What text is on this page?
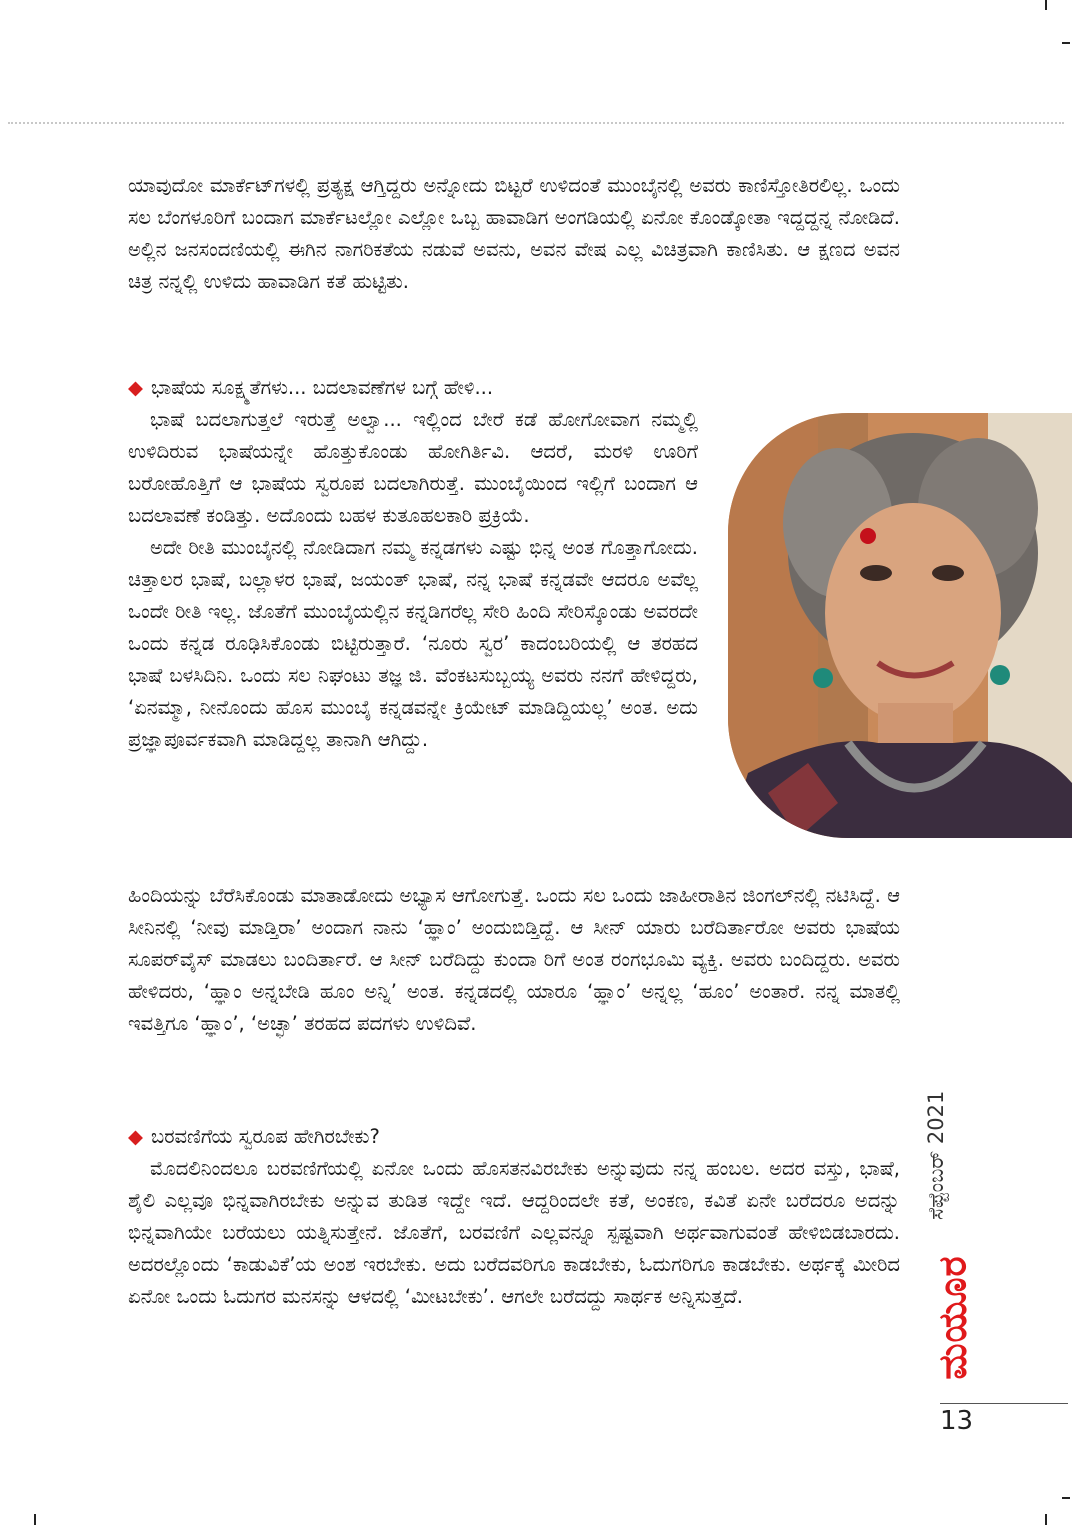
ಯಾವುದೋ ಮಾರ್ಕೆಟ್‌ಗಳಲ್ಲಿ ಪ್ರತ್ಯಕ್ಷ ಆಗ್ತಿದ್ದರು ಅನ್ನೋದು ಬಿಟ್ಟರೆ ಉಳಿದಂತೆ ಮುಂಬೈನಲ್ಲಿ ಅವರು ಕಾಣಿಸ್ತೋತಿರಲಿಲ್ಲ. ಒಂದು ಸಲ ಬೆಂಗಳೂರಿಗೆ ಬಂದಾಗ ಮಾರ್ಕೆಟಲ್ಲೋ ಎಲ್ಲೋ ಒಬ್ಬ ಹಾವಾಡಿಗ ಅಂಗಡಿಯಲ್ಲಿ ಏನೋ ಕೊಂಡ್ಕೋತಾ ಇದ್ದದ್ದನ್ನ ನೋಡಿದೆ. ಅಲ್ಲಿನ ಜನಸಂದಣಿಯಲ್ಲಿ ಈಗಿನ ನಾಗರಿಕತೆಯ ನಡುವೆ ಅವನು, ಅವನ ವೇಷ ಎಲ್ಲ ವಿಚಿತ್ರವಾಗಿ ಕಾಣಿಸಿತು. ಆ ಕ್ಷಣದ ಅವನ ಚಿತ್ರ ನನ್ನಲ್ಲಿ ಉಳಿದು ಹಾವಾಡಿಗ ಕತೆ ಹುಟ್ಟಿತು.

◆ ಭಾಷೆಯ ಸೂಕ್ಷ್ಮತೆಗಳು... ಬದಲಾವಣೆಗಳ ಬಗ್ಗೆ ಹೇಳಿ...

ಭಾಷೆ ಬದಲಾಗುತ್ತಲೆ ಇರುತ್ತೆ ಅಲ್ವಾ... ಇಲ್ಲಿಂದ ಬೇರೆ ಕಡೆ ಹೋಗೋವಾಗ ನಮ್ಮಲ್ಲಿ ಉಳಿದಿರುವ ಭಾಷೆಯನ್ನೇ ಹೊತ್ತುಕೊಂಡು ಹೋಗಿರ್ತಿವಿ. ಆದರೆ, ಮರಳಿ ಊರಿಗೆ ಬರೋಹೊತ್ತಿಗೆ ಆ ಭಾಷೆಯ ಸ್ವರೂಪ ಬದಲಾಗಿರುತ್ತೆ. ಮುಂಬೈಯಿಂದ ಇಲ್ಲಿಗೆ ಬಂದಾಗ ಆ ಬದಲಾವಣೆ ಕಂಡಿತ್ತು. ಅದೊಂದು ಬಹಳ ಕುತೂಹಲಕಾರಿ ಪ್ರಕ್ರಿಯೆ.

ಅದೇ ರೀತಿ ಮುಂಬೈನಲ್ಲಿ ನೋಡಿದಾಗ ನಮ್ಮ ಕನ್ನಡಗಳು ಎಷ್ಟು ಭಿನ್ನ ಅಂತ ಗೊತ್ತಾಗೋದು. ಚಿತ್ತಾಲರ ಭಾಷೆ, ಬಲ್ಲಾಳರ ಭಾಷೆ, ಜಯಂತ್ ಭಾಷೆ, ನನ್ನ ಭಾಷೆ ಕನ್ನಡವೇ ಆದರೂ ಅವೆಲ್ಲ ಒಂದೇ ರೀತಿ ಇಲ್ಲ. ಜೊತೆಗೆ ಮುಂಬೈಯಲ್ಲಿನ ಕನ್ನಡಿಗರೆಲ್ಲ ಸೇರಿ ಹಿಂದಿ ಸೇರಿಸ್ಕೊಂಡು ಅವರದೇ ಒಂದು ಕನ್ನಡ ರೂಢಿಸಿಕೊಂಡು ಬಿಟ್ಟಿರುತ್ತಾರೆ. ‘ನೂರು ಸ್ವರ’ ಕಾದಂಬರಿಯಲ್ಲಿ ಆ ತರಹದ ಭಾಷೆ ಬಳಸಿದಿನಿ. ಒಂದು ಸಲ ನಿಘಂಟು ತಜ್ಞ ಜಿ. ವೆಂಕಟಸುಬ್ಬಯ್ಯ ಅವರು ನನಗೆ ಹೇಳಿದ್ದರು, ‘ಏನಮ್ಮಾ, ನೀನೊಂದು ಹೊಸ ಮುಂಬೈ ಕನ್ನಡವನ್ನೇ ಕ್ರಿಯೇಟ್ ಮಾಡಿದ್ದಿಯಲ್ಲ’ ಅಂತ. ಅದು ಪ್ರಜ್ಞಾಪೂರ್ವಕವಾಗಿ ಮಾಡಿದ್ದಲ್ಲ ತಾನಾಗಿ ಆಗಿದ್ದು.

ಹಿಂದಿಯನ್ನು ಬೆರೆಸಿಕೊಂಡು ಮಾತಾಡೋದು ಅಭ್ಯಾಸ ಆಗೋಗುತ್ತೆ. ಒಂದು ಸಲ ಒಂದು ಜಾಹೀರಾತಿನ ಜಿಂಗಲ್‌ನಲ್ಲಿ ನಟಿಸಿದ್ದೆ. ಆ ಸೀನಿನಲ್ಲಿ ‘ನೀವು ಮಾಡ್ತಿರಾ’ ಅಂದಾಗ ನಾನು ‘ಹ್ಞಾಂ’ ಅಂದುಬಿಡ್ತಿದ್ದೆ. ಆ ಸೀನ್ ಯಾರು ಬರೆದಿರ್ತಾರೋ ಅವರು ಭಾಷೆಯ ಸೂಪರ್‌ವೈಸ್ ಮಾಡಲು ಬಂದಿರ್ತಾರೆ. ಆ ಸೀನ್ ಬರೆದಿದ್ದು ಕುಂದಾ ರಿಗೆ ಅಂತ ರಂಗಭೂಮಿ ವ್ಯಕ್ತಿ. ಅವರು ಬಂದಿದ್ದರು. ಅವರು ಹೇಳಿದರು, ‘ಹ್ಞಾಂ ಅನ್ನಬೇಡಿ ಹೂಂ ಅನ್ನಿ’ ಅಂತ. ಕನ್ನಡದಲ್ಲಿ ಯಾರೂ ‘ಹ್ಞಾಂ’ ಅನ್ನಲ್ಲ ‘ಹೂಂ’ ಅಂತಾರೆ. ನನ್ನ ಮಾತಲ್ಲಿ ಇವತ್ತಿಗೂ ‘ಹ್ಞಾಂ’, ‘ಅಚ್ಛಾ’ ತರಹದ ಪದಗಳು ಉಳಿದಿವೆ.

◆ ಬರವಣಿಗೆಯ ಸ್ವರೂಪ ಹೇಗಿರಬೇಕು?

ಮೊದಲಿನಿಂದಲೂ ಬರವಣಿಗೆಯಲ್ಲಿ ಏನೋ ಒಂದು ಹೊಸತನವಿರಬೇಕು ಅನ್ನುವುದು ನನ್ನ ಹಂಬಲ. ಅದರ ವಸ್ತು, ಭಾಷೆ, ಶೈಲಿ ಎಲ್ಲವೂ ಭಿನ್ನವಾಗಿರಬೇಕು ಅನ್ನುವ ತುಡಿತ ಇದ್ದೇ ಇದೆ. ಆದ್ದರಿಂದಲೇ ಕತೆ, ಅಂಕಣ, ಕವಿತೆ ಏನೇ ಬರೆದರೂ ಅದನ್ನು ಭಿನ್ನವಾಗಿಯೇ ಬರೆಯಲು ಯತ್ನಿಸುತ್ತೇನೆ. ಜೊತೆಗೆ, ಬರವಣಿಗೆ ಎಲ್ಲವನ್ನೂ ಸ್ಪಷ್ಟವಾಗಿ ಅರ್ಥವಾಗುವಂತೆ ಹೇಳಿಬಿಡಬಾರದು. ಅದರಲ್ಲೊಂದು ‘ಕಾಡುವಿಕೆ’ಯ ಅಂಶ ಇರಬೇಕು. ಅದು ಬರೆದವರಿಗೂ ಕಾಡಬೇಕು, ಓದುಗರಿಗೂ ಕಾಡಬೇಕು. ಅರ್ಥಕ್ಕೆ ಮೀರಿದ ಏನೋ ಒಂದು ಓದುಗರ ಮನಸನ್ನು ಆಳದಲ್ಲಿ ‘ಮೀಟಬೇಕು’. ಆಗಲೇ ಬರೆದದ್ದು ಸಾರ್ಥಕ ಅನ್ನಿಸುತ್ತದೆ.

ಸೆಪ್ಟೆಂಬರ್ 2021
ಮಯೂರ
13
